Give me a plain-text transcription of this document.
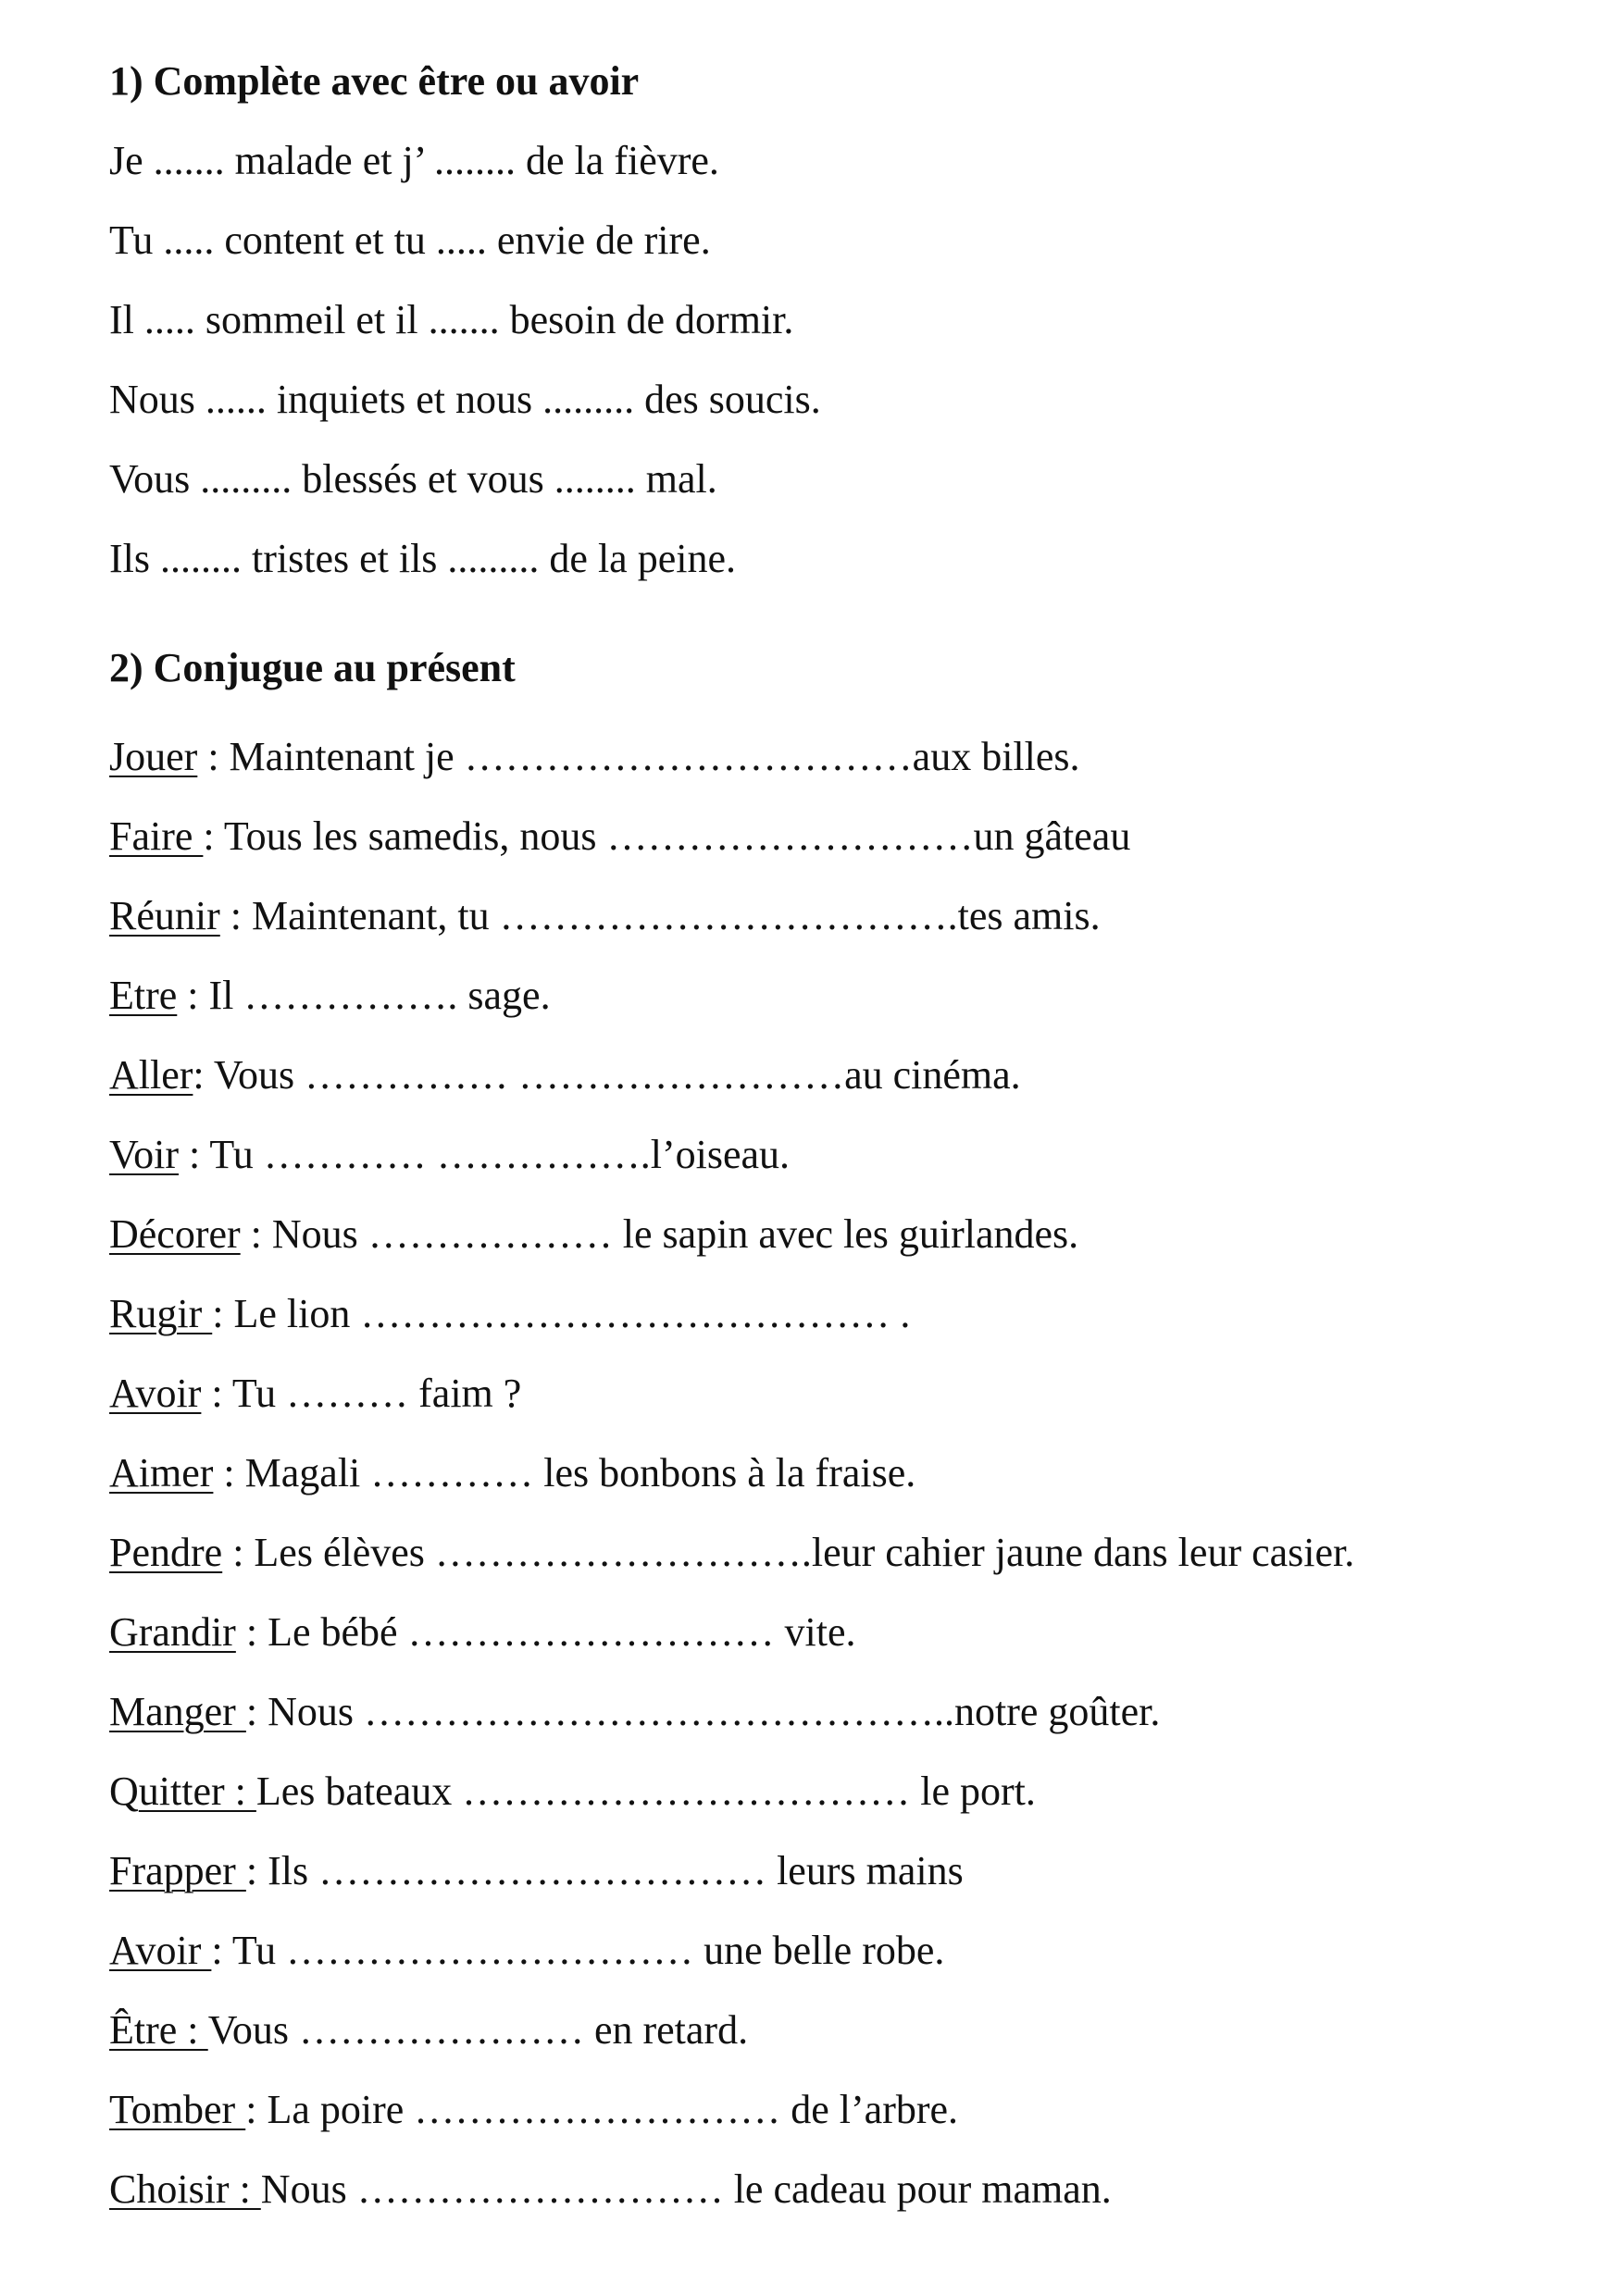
1) Complète avec être ou avoir
Je ....... malade et j’ ........ de la fièvre.
Tu ..... content et tu ..... envie de rire.
Il ..... sommeil et il ....... besoin de dormir.
Nous ...... inquiets et nous ......... des soucis.
Vous ......... blessés et vous ........ mal.
Ils ........ tristes et ils ......... de la peine.
2) Conjugue au présent
Jouer : Maintenant je ……………………………aux billes.
Faire : Tous les samedis, nous ………………………un gâteau
Réunir : Maintenant, tu …………………………….tes amis.
Etre : Il ……………. sage.
Aller: Vous …………… ……………………au cinéma.
Voir : Tu ………… …………….l’oiseau.
Décorer : Nous ……………… le sapin avec les guirlandes.
Rugir : Le lion ………………………………… .
Avoir : Tu ……… faim ?
Aimer : Magali ………… les bonbons à la fraise.
Pendre : Les élèves ……………………….leur cahier jaune dans leur casier.
Grandir : Le bébé ……………………… vite.
Manger : Nous ……………………………………..notre goûter.
Quitter : Les bateaux …………………………… le port.
Frapper : Ils …………………………… leurs mains
Avoir : Tu ………………………… une belle robe.
Être : Vous ………………… en retard.
Tomber : La poire ……………………… de l’arbre.
Choisir : Nous ……………………… le cadeau pour maman.
